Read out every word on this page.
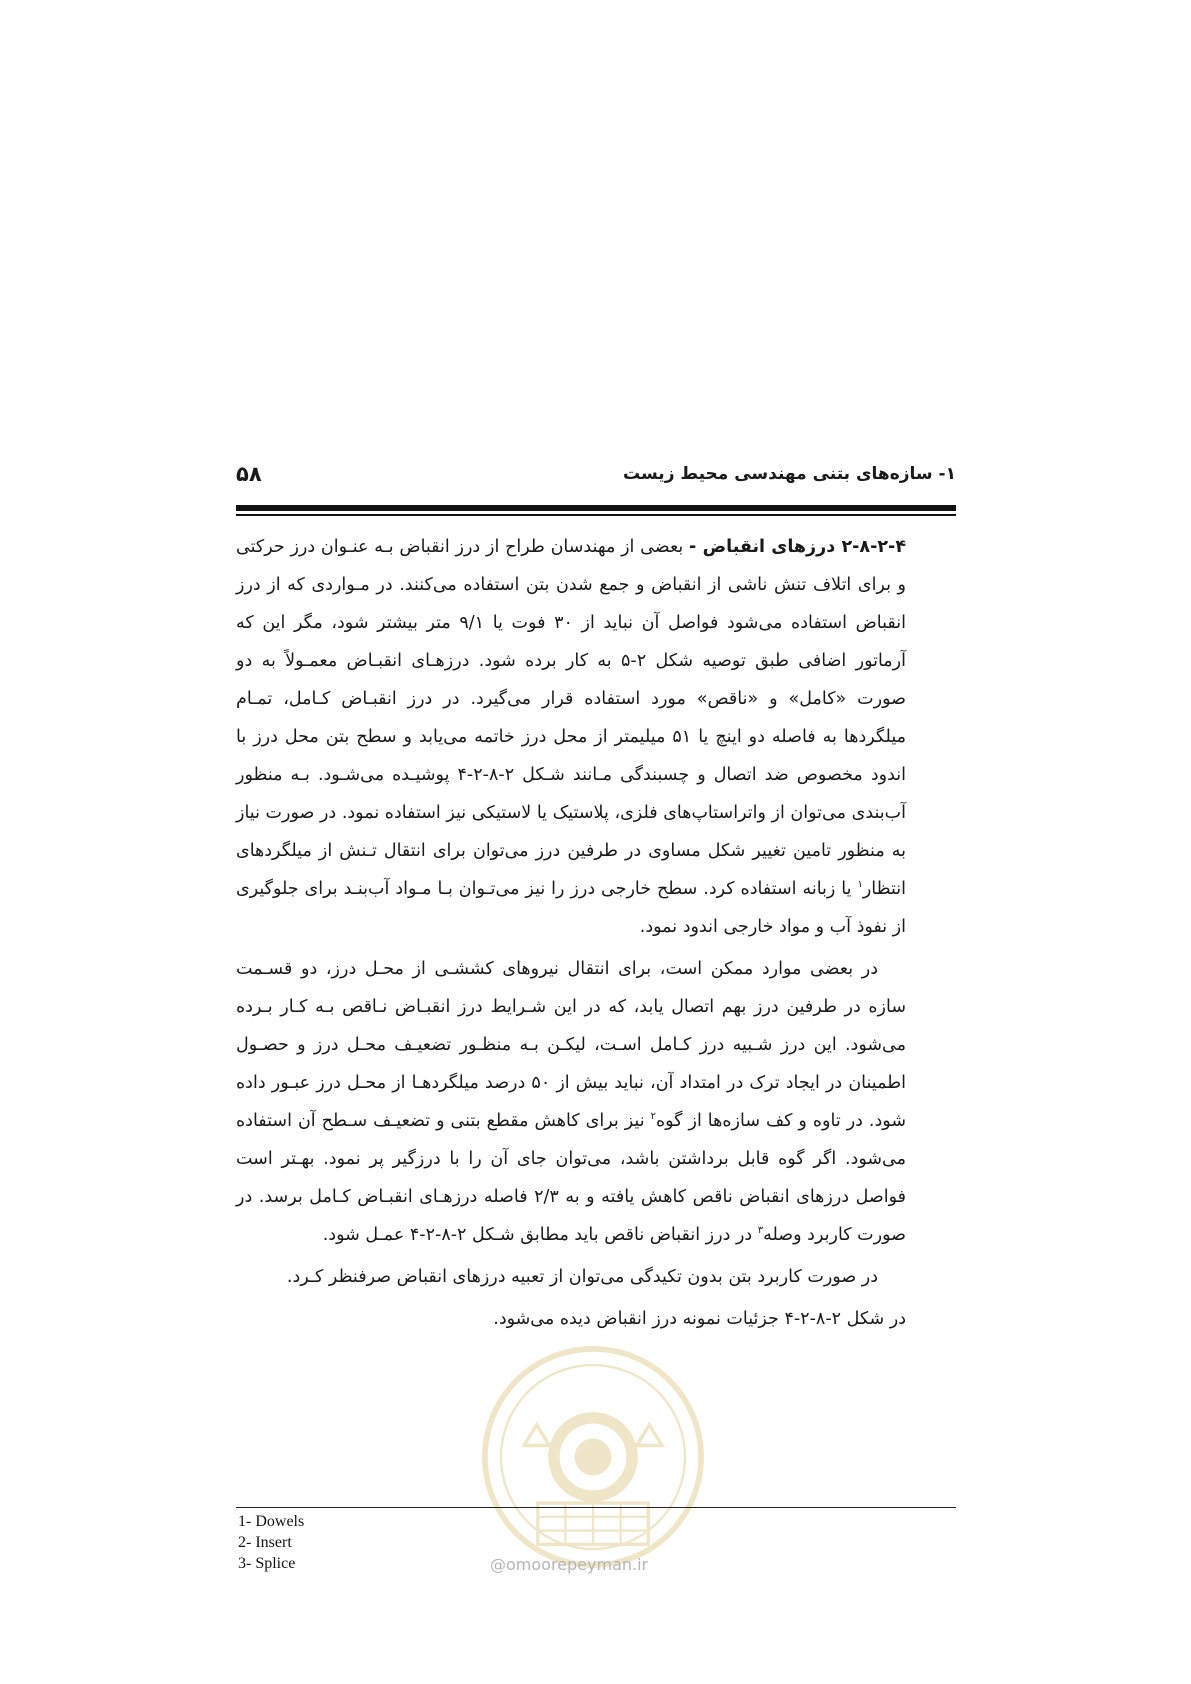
۵۸	۱- سازه‌های بتنی مهندسی محیط زیست

۲-۸-۲-۴ درزهای انقباض - بعضی از مهندسان طراح از درز انقباض بـه عنـوان درز حرکتی و برای اتلاف تنش ناشی از انقباض و جمع شدن بتن استفاده می‌کنند. در مـواردی که از درز انقباض استفاده می‌شود فواصل آن نباید از ۳۰ فوت یا ۹/۱ متر بیشتر شود، مگر این که آرماتور اضافی طبق توصیه شکل ۲-۵ به کار برده شود. درزهـای انقبـاض معمـولاً به دو صورت «کامل» و «ناقص» مورد استفاده قرار می‌گیرد. در درز انقبـاض کـامل، تمـام میلگردها به فاصله دو اینچ یا ۵۱ میلیمتر از محل درز خاتمه می‌یابد و سطح بتن محل درز با اندود مخصوص ضد اتصال و چسبندگی مـانند شـکل ۲-۸-۲-۴ پوشیـده می‌شـود. بـه منظور آب‌بندی می‌توان از واتراستاپ‌های فلزی، پلاستیک یا لاستیکی نیز استفاده نمود. در صورت نیاز به منظور تامین تغییر شکل مساوی در طرفین درز می‌توان برای انتقال تـنش از میلگردهای انتظار$^۱$ یا زبانه استفاده کرد. سطح خارجی درز را نیز می‌تـوان بـا مـواد آب‌بنـد برای جلوگیری از نفوذ آب و مواد خارجی اندود نمود.

در بعضی موارد ممکن است، برای انتقال نیروهای کششـی از محـل درز، دو قسـمت سازه در طرفین درز بهم اتصال یابد، که در این شـرایط درز انقبـاض نـاقص بـه کـار بـرده می‌شود. این درز شـبیه درز کـامل اسـت، لیکـن بـه منظـور تضعیـف محـل درز و حصـول اطمینان در ایجاد ترک در امتداد آن، نباید بیش از ۵۰ درصد میلگردهـا از محـل درز عبـور داده شود. در تاوه و کف سازه‌ها از گوه$^۲$ نیز برای کاهش مقطع بتنی و تضعیـف سـطح آن استفاده می‌شود. اگر گوه قابل برداشتن باشد، می‌توان جای آن را با درزگیر پر نمود. بهـتر است فواصل درزهای انقباض ناقص کاهش یافته و به ۲/۳ فاصله درزهـای انقبـاض کـامل برسد. در صورت کاربرد وصله$^۳$ در درز انقباض ناقص باید مطابق شـکل ۲-۸-۲-۴ عمـل شود.

در صورت کاربرد بتن بدون تکیدگی می‌توان از تعبیه درزهای انقباض صرفنظر کـرد.

در شکل ۲-۸-۲-۴ جزئیات نمونه درز انقباض دیده می‌شود.

@omoorepeyman.ir
1- Dowels
2- Insert
3- Splice
